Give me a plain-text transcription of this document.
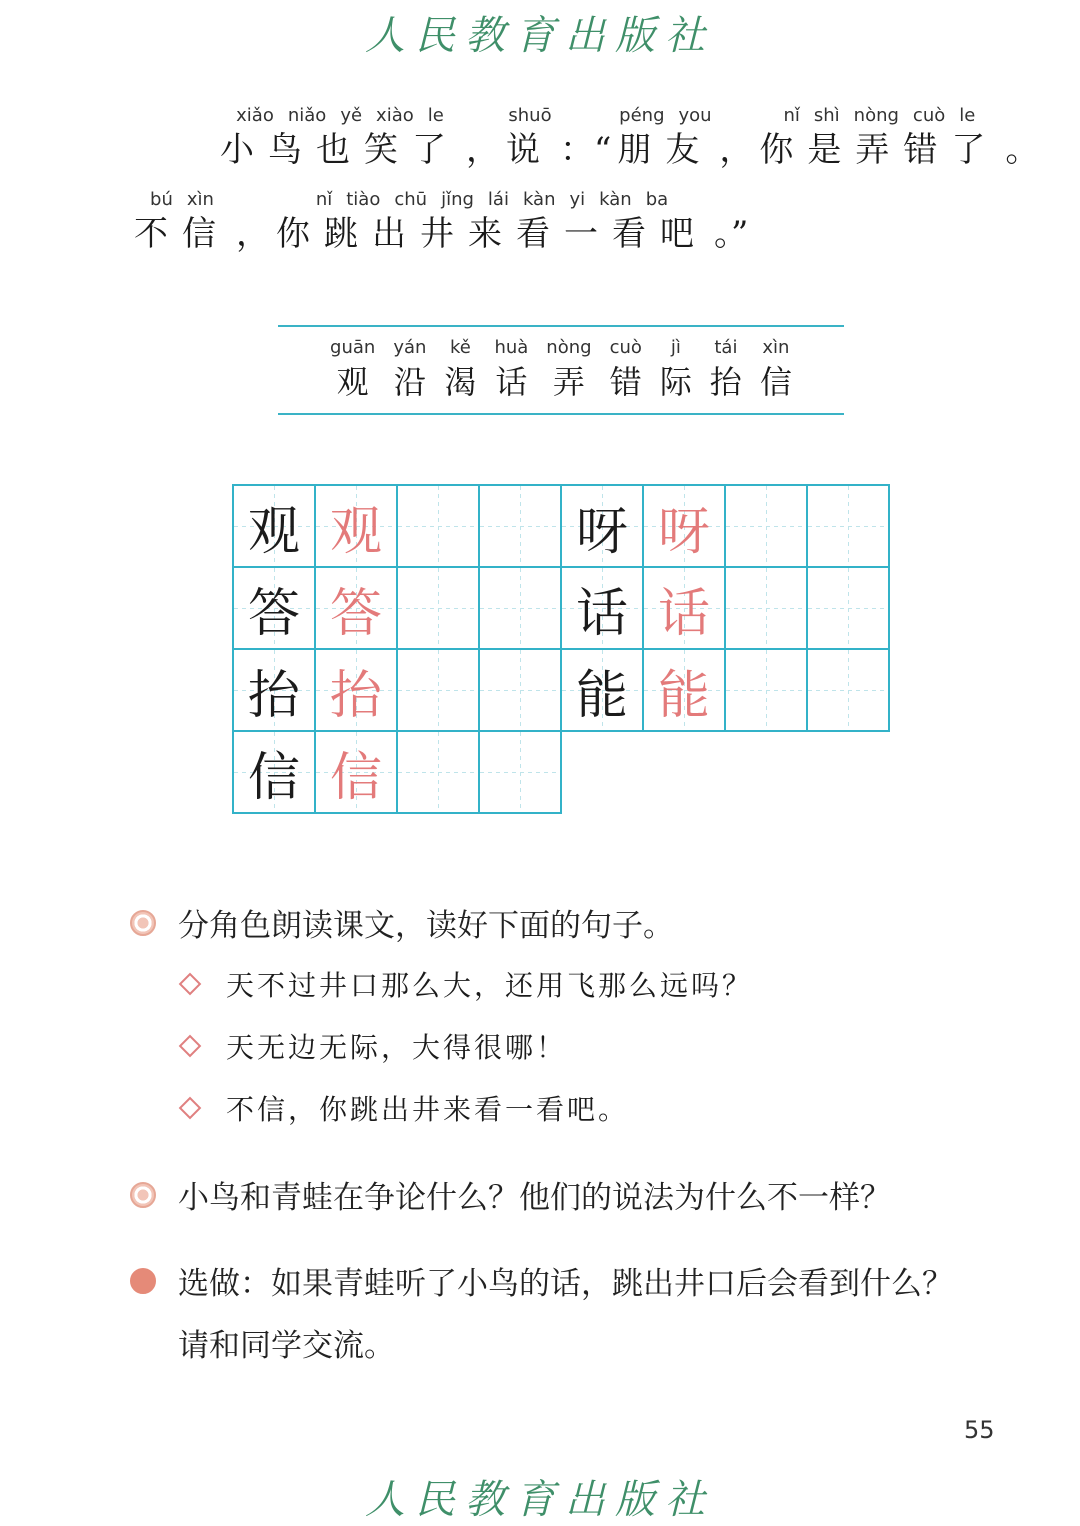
人民教育出版社
xiǎo niǎo yě xiào le
小鸟也笑了 ，
shuō
说 ：“
péng you
朋友 ，
nǐ shì nòng cuò le
你是弄错了 。
bú xìn
不信 ，
nǐ tiào chū jǐng lái kàn yi kàn ba
你跳出井来看一看吧 。”
guān
观
yán
沿
kě
渴
huà
话
nòng
弄
cuò
错
jì
际
tái
抬
xìn
信
观	观			呀	呀		
答	答			话	话		
抬	抬			能	能		
信	信						
分角色朗读课文，读好下面的句子。
天不过井口那么大，还用飞那么远吗？
天无边无际，大得很哪！
不信，你跳出井来看一看吧。
小鸟和青蛙在争论什么？他们的说法为什么不一样？
选做：如果青蛙听了小鸟的话，跳出井口后会看到什么？
请和同学交流。
55
人民教育出版社
